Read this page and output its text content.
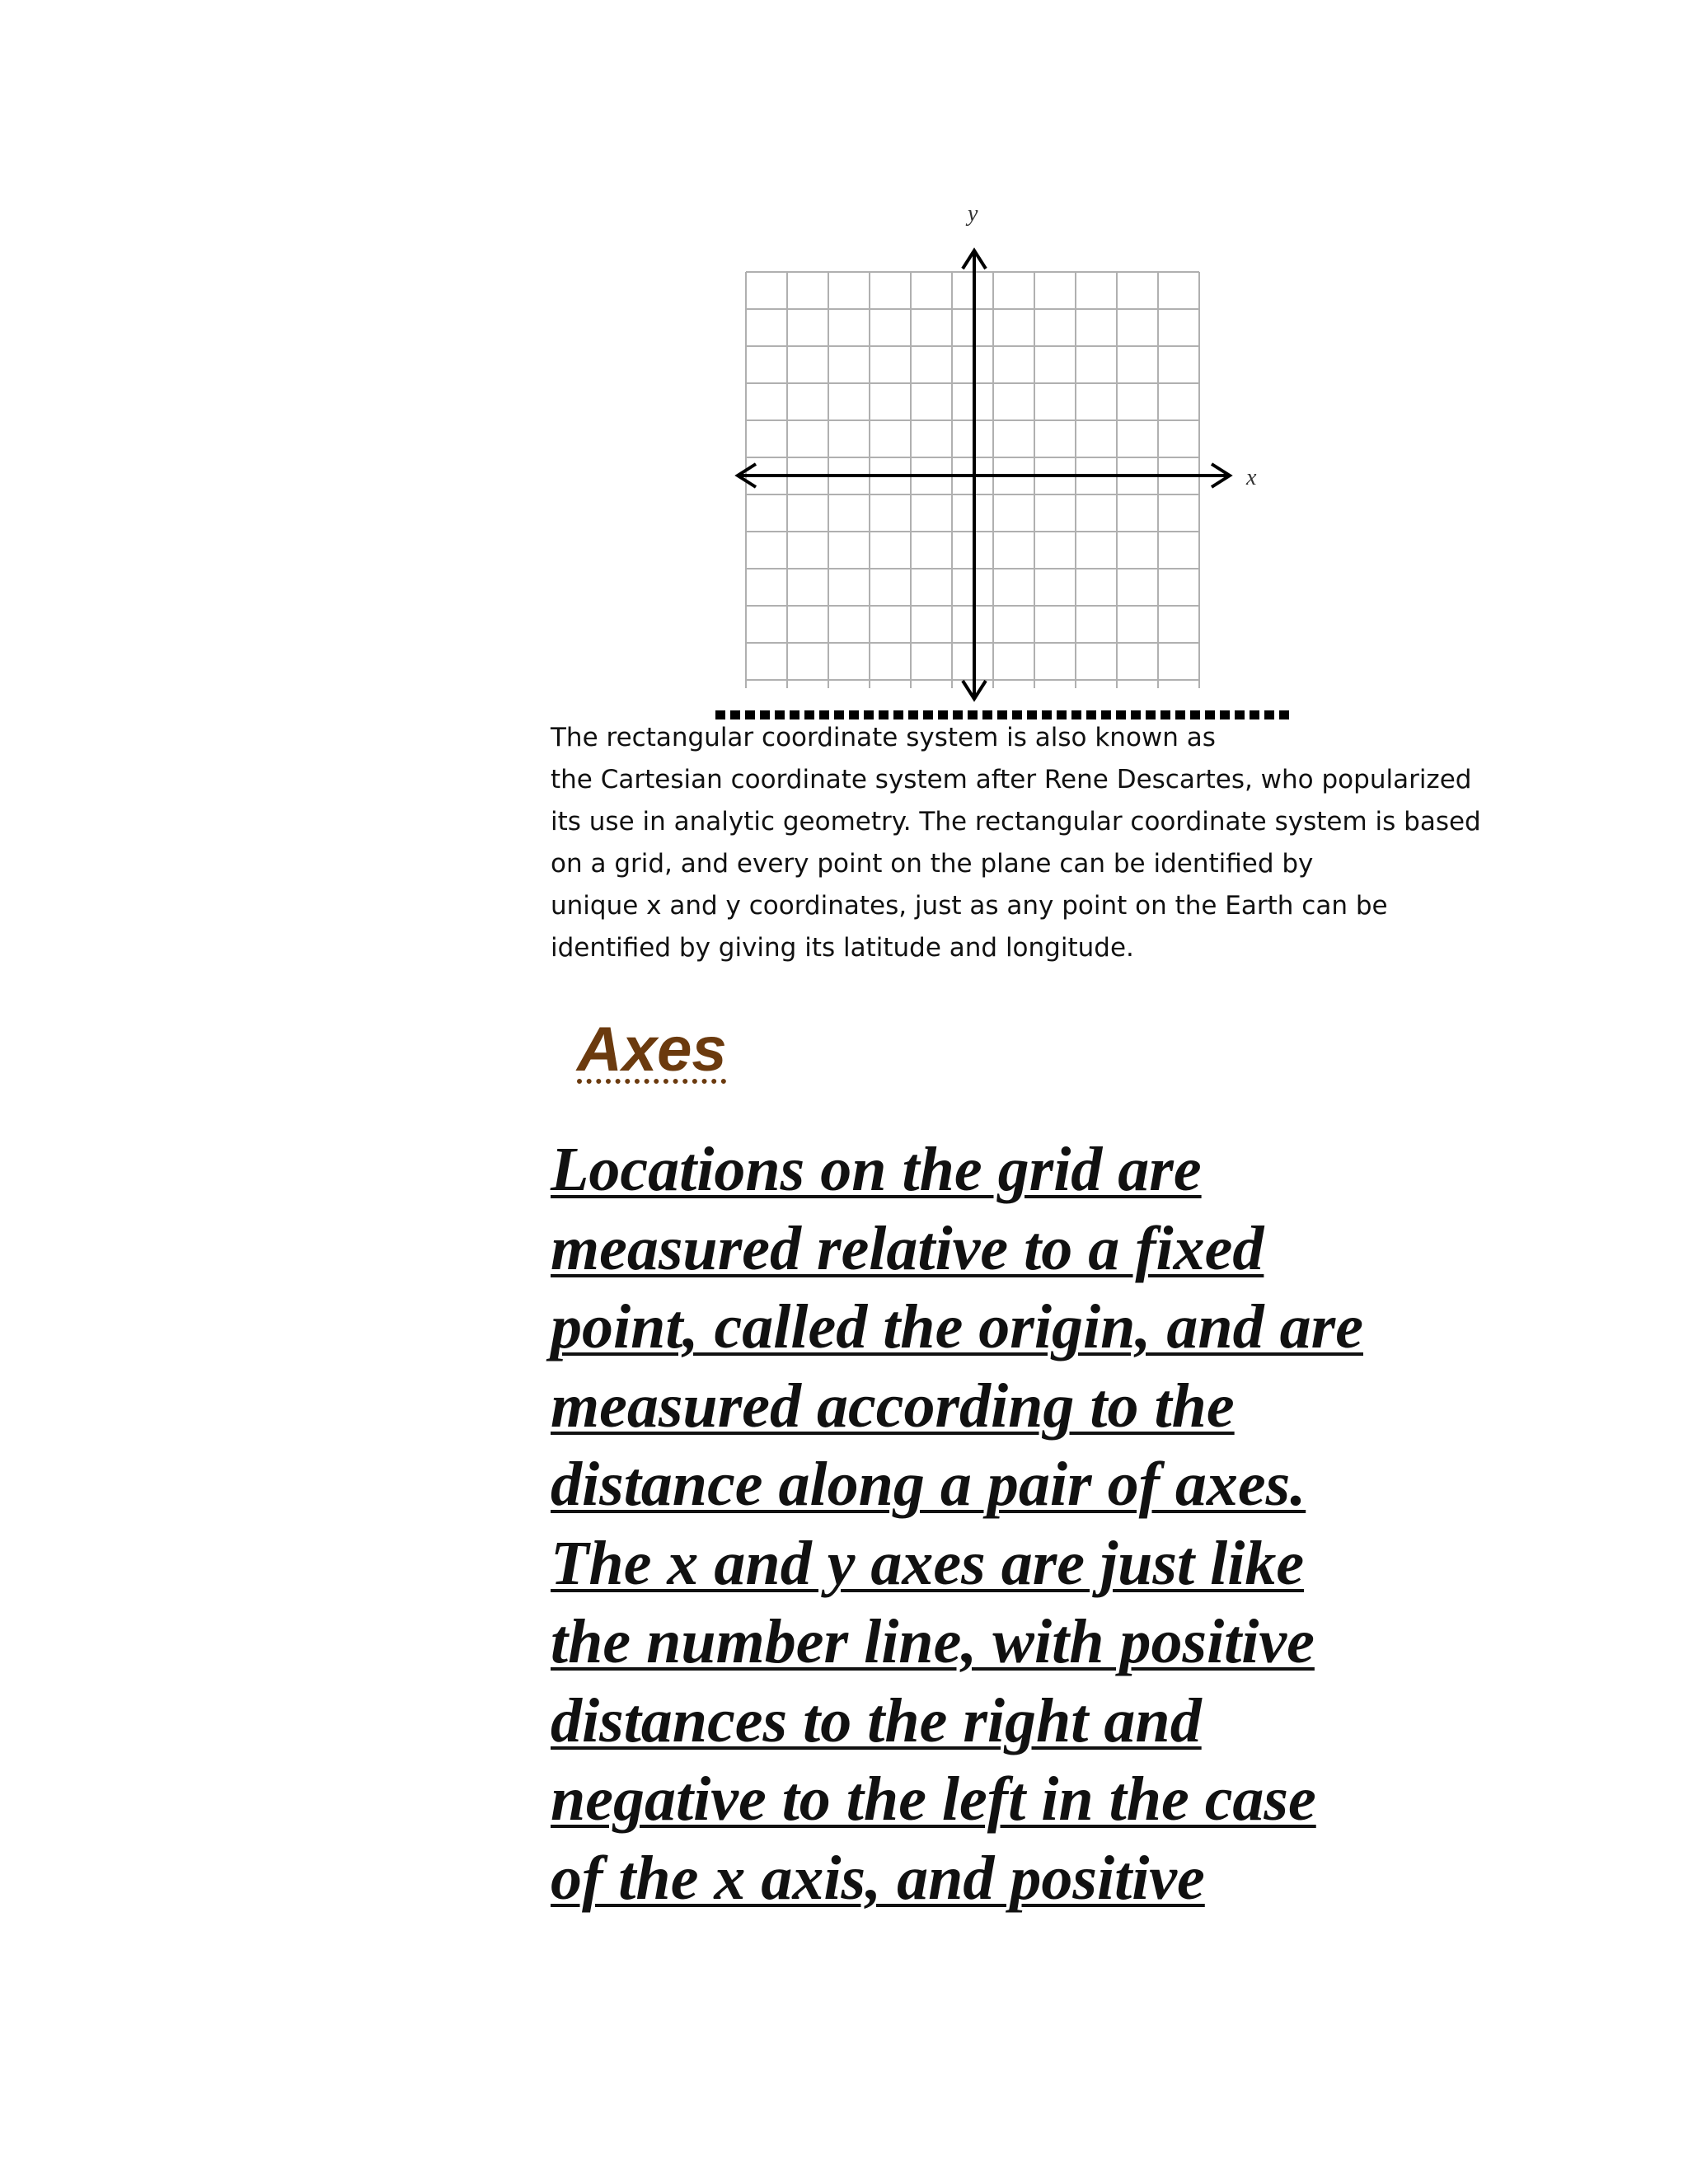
y
x

The rectangular coordinate system is also known as
the Cartesian coordinate system after Rene Descartes, who popularized
its use in analytic geometry. The rectangular coordinate system is based
on a grid, and every point on the plane can be identified by
unique x and y coordinates, just as any point on the Earth can be
identified by giving its latitude and longitude.

Axes

Locations on the grid are
measured relative to a fixed
point, called the origin, and are
measured according to the
distance along a pair of axes.
The x and y axes are just like
the number line, with positive
distances to the right and
negative to the left in the case
of the x axis, and positive
